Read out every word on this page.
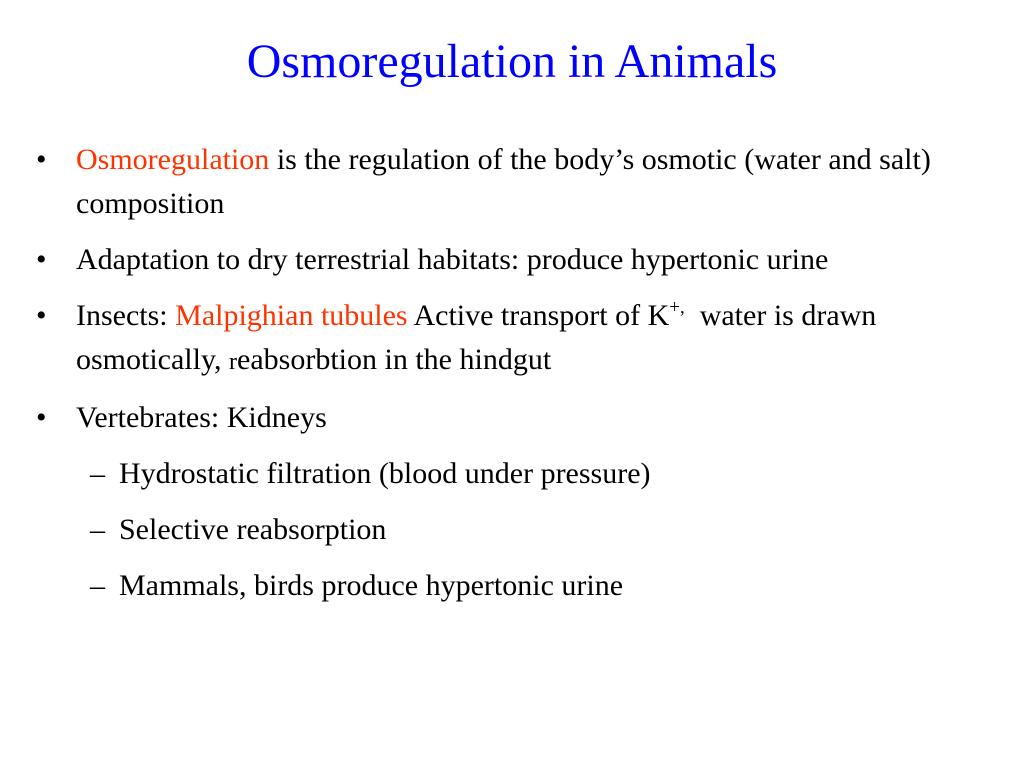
Osmoregulation in Animals
• Osmoregulation is the regulation of the body’s osmotic (water and salt) composition
• Adaptation to dry terrestrial habitats: produce hypertonic urine
• Insects: Malpighian tubules Active transport of K+,  water is drawn osmotically, reabsorbtion in the hindgut
• Vertebrates: Kidneys
– Hydrostatic filtration (blood under pressure)
– Selective reabsorption
– Mammals, birds produce hypertonic urine
